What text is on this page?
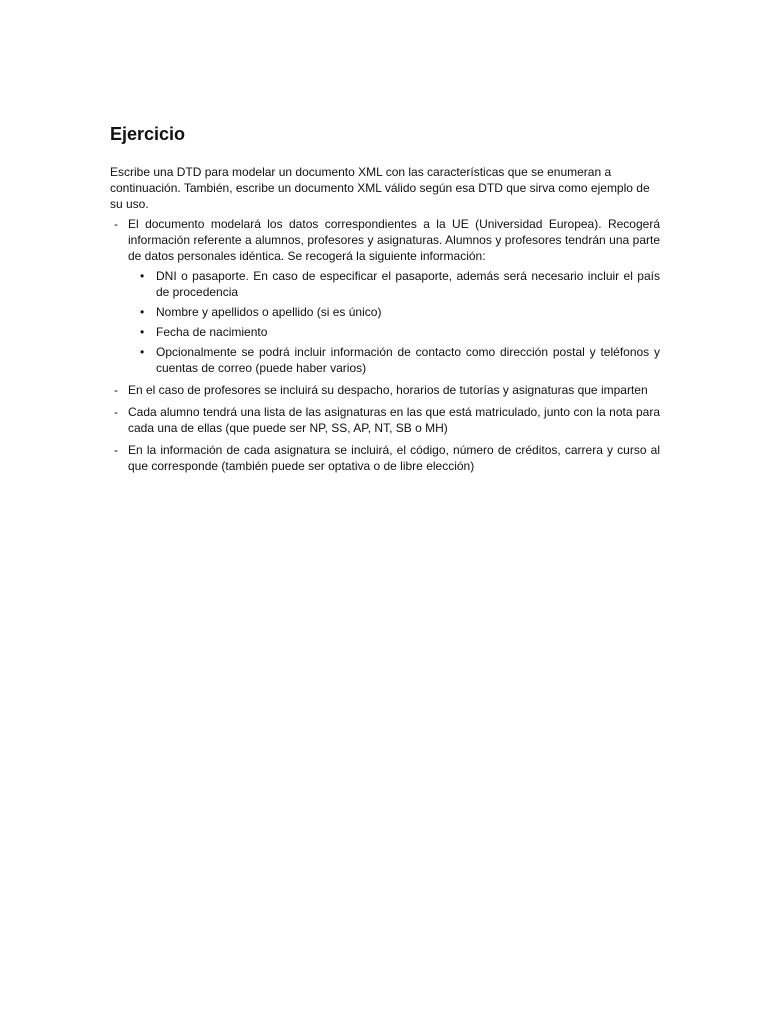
Ejercicio

Escribe una DTD para modelar un documento XML con las características que se enumeran a continuación. También, escribe un documento XML válido según esa DTD que sirva como ejemplo de su uso.

- El documento modelará los datos correspondientes a la UE (Universidad Europea). Recogerá información referente a alumnos, profesores y asignaturas. Alumnos y profesores tendrán una parte de datos personales idéntica. Se recogerá la siguiente información:
• DNI o pasaporte. En caso de especificar el pasaporte, además será necesario incluir el país de procedencia
• Nombre y apellidos o apellido (si es único)
• Fecha de nacimiento
• Opcionalmente se podrá incluir información de contacto como dirección postal y teléfonos y cuentas de correo (puede haber varios)
- En el caso de profesores se incluirá su despacho, horarios de tutorías y asignaturas que imparten
- Cada alumno tendrá una lista de las asignaturas en las que está matriculado, junto con la nota para cada una de ellas (que puede ser NP, SS, AP, NT, SB o MH)
- En la información de cada asignatura se incluirá, el código, número de créditos, carrera y curso al que corresponde (también puede ser optativa o de libre elección)
